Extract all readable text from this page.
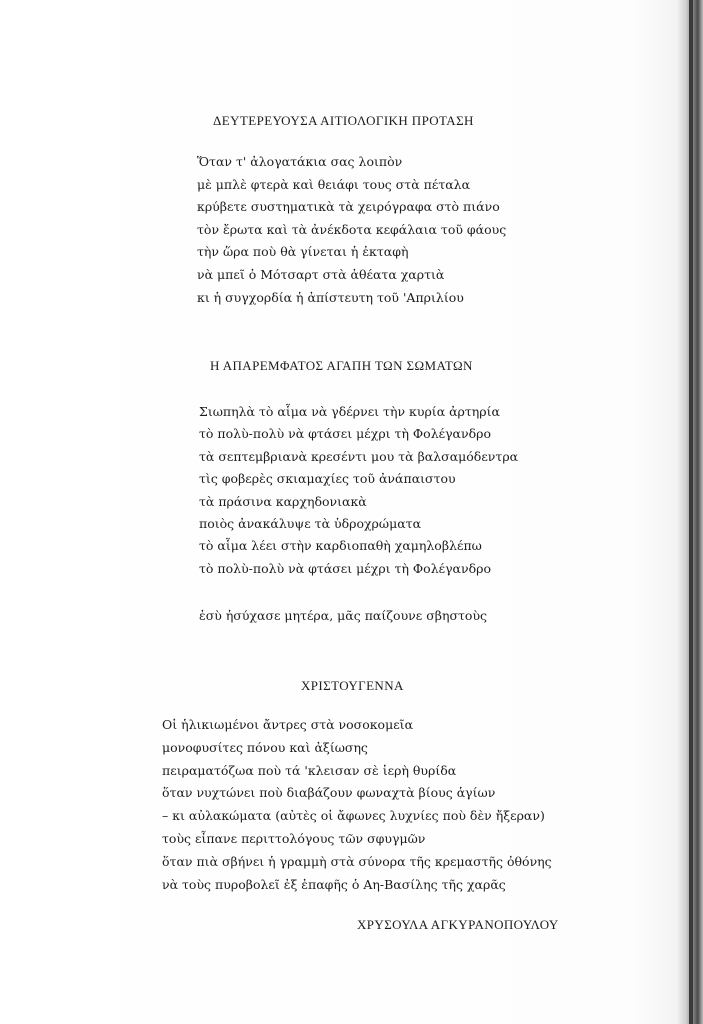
ΔΕΥΤΕΡΕΥΟΥΣΑ ΑΙΤΙΟΛΟΓΙΚΗ ΠΡΟΤΑΣΗ
Ὅταν τ' ἀλογατάκια σας λοιπὸν
μὲ μπλὲ φτερὰ καὶ θειάφι τους στὰ πέταλα
κρύβετε συστηματικὰ τὰ χειρόγραφα στὸ πιάνο
τὸν ἔρωτα καὶ τὰ ἀνέκδοτα κεφάλαια τοῦ φάους
τὴν ὥρα ποὺ θὰ γίνεται ἡ ἐκταφὴ
νὰ μπεῖ ὁ Μότσαρτ στὰ ἀθέατα χαρτιὰ
κι ἡ συγχορδία ἡ ἀπίστευτη τοῦ 'Απριλίου
Η ΑΠΑΡΕΜΦΑΤΟΣ ΑΓΑΠΗ ΤΩΝ ΣΩΜΑΤΩΝ
Σιωπηλὰ τὸ αἷμα νὰ γδέρνει τὴν κυρία ἀρτηρία
τὸ πολὺ-πολὺ νὰ φτάσει μέχρι τὴ Φολέγανδρο
τὰ σεπτεμβριανὰ κρεσέντι μου τὰ βαλσαμόδεντρα
τὶς φοβερὲς σκιαμαχίες τοῦ ἀνάπαιστου
τὰ πράσινα καρχηδονιακὰ
ποιὸς ἀνακάλυψε τὰ ὑδροχρώματα
τὸ αἷμα λέει στὴν καρδιοπαθὴ χαμηλοβλέπω
τὸ πολὺ-πολὺ νὰ φτάσει μέχρι τὴ Φολέγανδρο
ἐσὺ ἡσύχασε μητέρα, μᾶς παίζουνε σβηστοὺς
ΧΡΙΣΤΟΥΓΕΝΝΑ
Οἱ ἡλικιωμένοι ἄντρες στὰ νοσοκομεῖα
μονοφυσίτες πόνου καὶ ἀξίωσης
πειραματόζωα ποὺ τά 'κλεισαν σὲ ἱερὴ θυρίδα
ὅταν νυχτώνει ποὺ διαβάζουν φωναχτὰ βίους ἁγίων
– κι αὐλακώματα (αὐτὲς οἱ ἄφωνες λυχνίες ποὺ δὲν ἤξεραν)
τοὺς εἶπανε περιττολόγους τῶν σφυγμῶν
ὅταν πιὰ σβήνει ἡ γραμμὴ στὰ σύνορα τῆς κρεμαστῆς ὀθόνης
νὰ τοὺς πυροβολεῖ ἐξ ἐπαφῆς ὁ Αη-Βασίλης τῆς χαρᾶς
ΧΡΥΣΟΥΛΑ ΑΓΚΥΡΑΝΟΠΟΥΛΟΥ
